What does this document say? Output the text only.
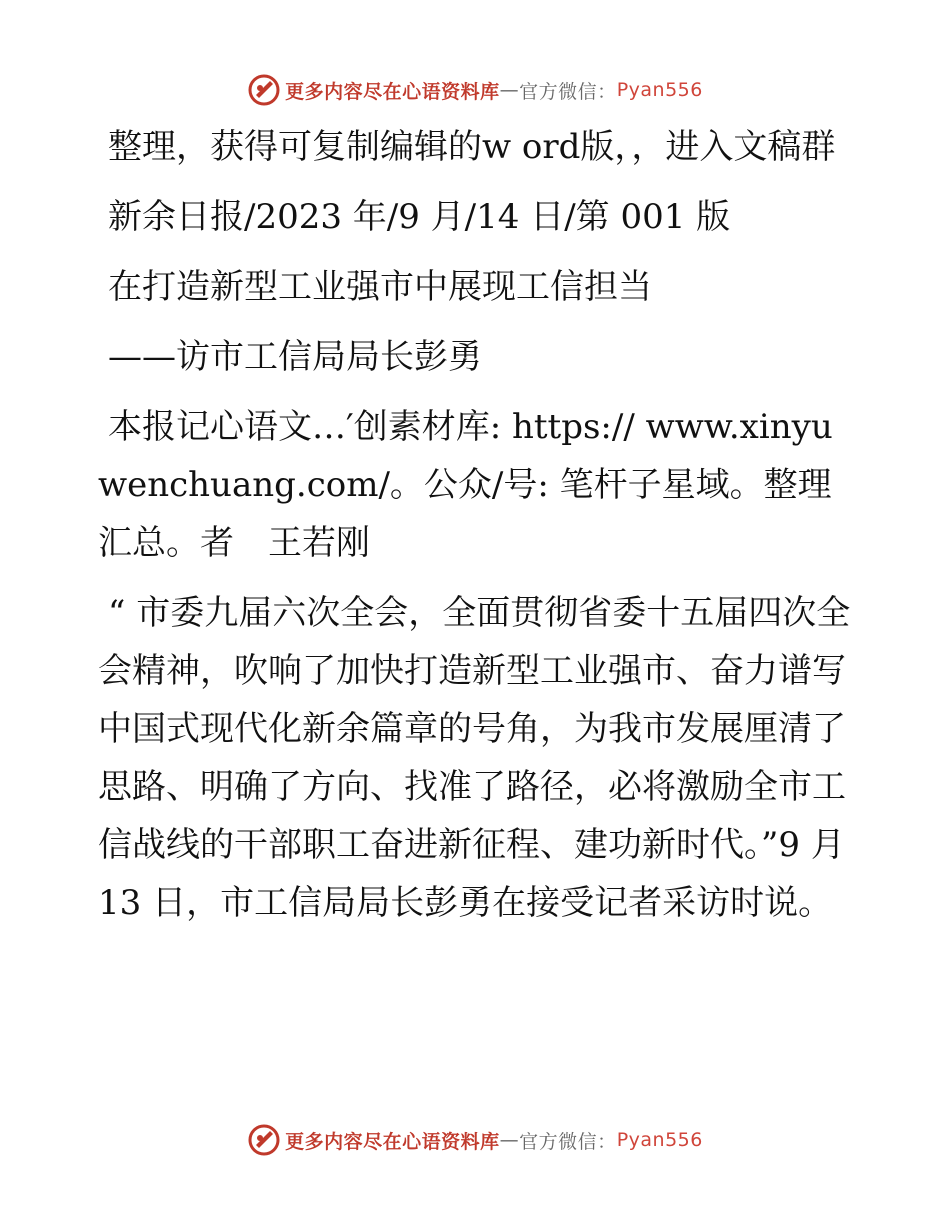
更多内容尽在心语资料库 — 官方微信： Pyan556

整理，获得可复制编辑的w ord版，，进入文稿群

新余日报/2023 年/9 月/14 日/第 001 版

在打造新型工业强市中展现工信担当

——访市工信局局长彭勇

本报记心语文…′创素材库: https:// www.xinyuwenchuang.com/。公众/号: 笔杆子星域。整理汇总。者　王若刚

“ 市委九届六次全会，全面贯彻省委十五届四次全会精神，吹响了加快打造新型工业强市、奋力谱写中国式现代化新余篇章的号角，为我市发展厘清了思路、明确了方向、找准了路径，必将激励全市工信战线的干部职工奋进新征程、建功新时代。”9 月 13 日，市工信局局长彭勇在接受记者采访时说。

更多内容尽在心语资料库 — 官方微信： Pyan556
